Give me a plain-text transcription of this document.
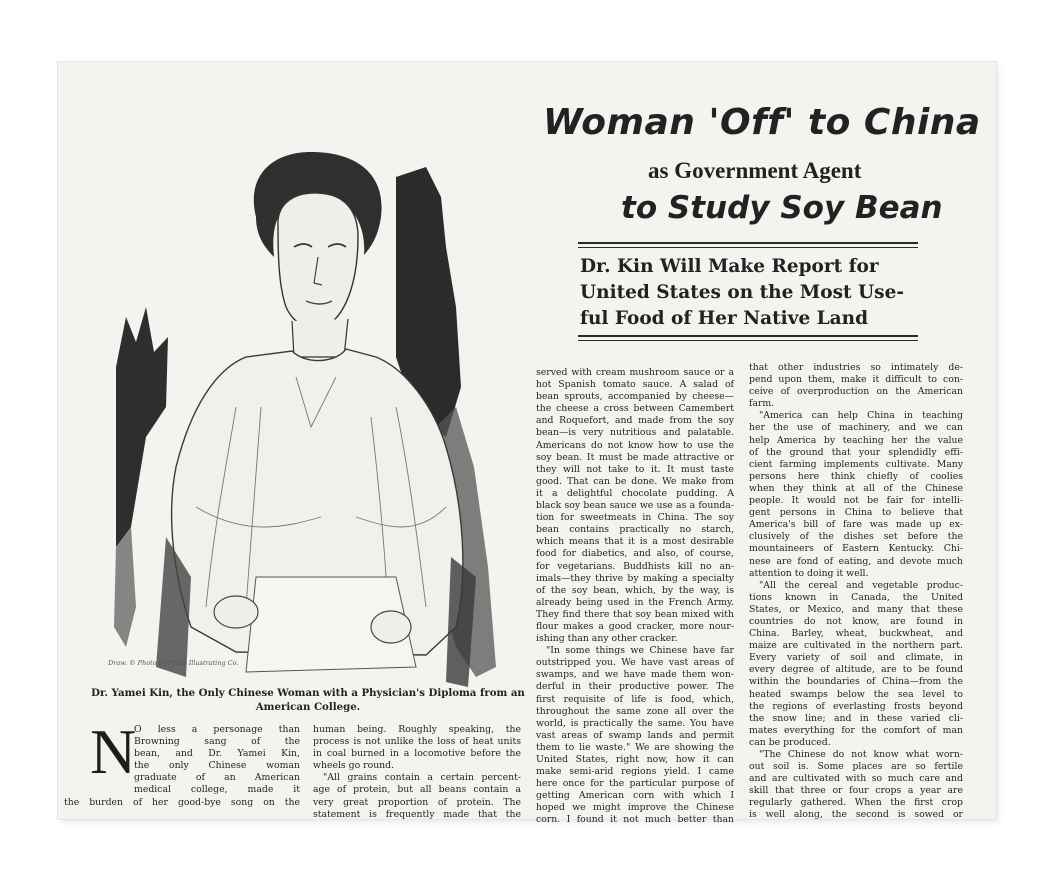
Draw. © Photo by Press Illustrating Co.
Woman 'Off' to China
as Government Agent
to Study Soy Bean
Dr. Kin Will Make Report for
United States on the Most Use-
ful Food of Her Native Land

Dr. Yamei Kin, the Only Chinese Woman with a Physician's Diploma from an
American College.

N
O less a personage than
Browning sang of the
bean, and Dr. Yamei Kin,
the only Chinese woman
graduate of an American
medical college, made it
the burden of her good-bye song on the
human being. Roughly speaking, the
process is not unlike the loss of heat units
in coal burned in a locomotive before the
wheels go round.
"All grains contain a certain percent-
age of protein, but all beans contain a
very great proportion of protein. The
statement is frequently made that the
served with cream mushroom sauce or a
hot Spanish tomato sauce. A salad of
bean sprouts, accompanied by cheese—
the cheese a cross between Camembert
and Roquefort, and made from the soy
bean—is very nutritious and palatable.
Americans do not know how to use the
soy bean. It must be made attractive or
they will not take to it. It must taste
good. That can be done. We make from
it a delightful chocolate pudding. A
black soy bean sauce we use as a founda-
tion for sweetmeats in China. The soy
bean contains practically no starch,
which means that it is a most desirable
food for diabetics, and also, of course,
for vegetarians. Buddhists kill no an-
imals—they thrive by making a specialty
of the soy bean, which, by the way, is
already being used in the French Army.
They find there that soy bean mixed with
flour makes a good cracker, more nour-
ishing than any other cracker.
"In some things we Chinese have far
outstripped you. We have vast areas of
swamps, and we have made them won-
derful in their productive power. The
first requisite of life is food, which,
throughout the same zone all over the
world, is practically the same. You have
vast areas of swamp lands and permit
them to lie waste." We are showing the
United States, right now, how it can
make semi-arid regions yield. I came
here once for the particular purpose of
getting American corn with which I
hoped we might improve the Chinese
corn. I found it not much better than
that other industries so intimately de-
pend upon them, make it difficult to con-
ceive of overproduction on the American
farm.
"America can help China in teaching
her the use of machinery, and we can
help America by teaching her the value
of the ground that your splendidly effi-
cient farming implements cultivate. Many
persons here think chiefly of coolies
when they think at all of the Chinese
people. It would not be fair for intelli-
gent persons in China to believe that
America's bill of fare was made up ex-
clusively of the dishes set before the
mountaineers of Eastern Kentucky. Chi-
nese are fond of eating, and devote much
attention to doing it well.
"All the cereal and vegetable produc-
tions known in Canada, the United
States, or Mexico, and many that these
countries do not know, are found in
China. Barley, wheat, buckwheat, and
maize are cultivated in the northern part.
Every variety of soil and climate, in
every degree of altitude, are to be found
within the boundaries of China—from the
heated swamps below the sea level to
the regions of everlasting frosts beyond
the snow line; and in these varied cli-
mates everything for the comfort of man
can be produced.
"The Chinese do not know what worn-
out soil is. Some places are so fertile
and are cultivated with so much care and
skill that three or four crops a year are
regularly gathered. When the first crop
is well along, the second is sowed or
